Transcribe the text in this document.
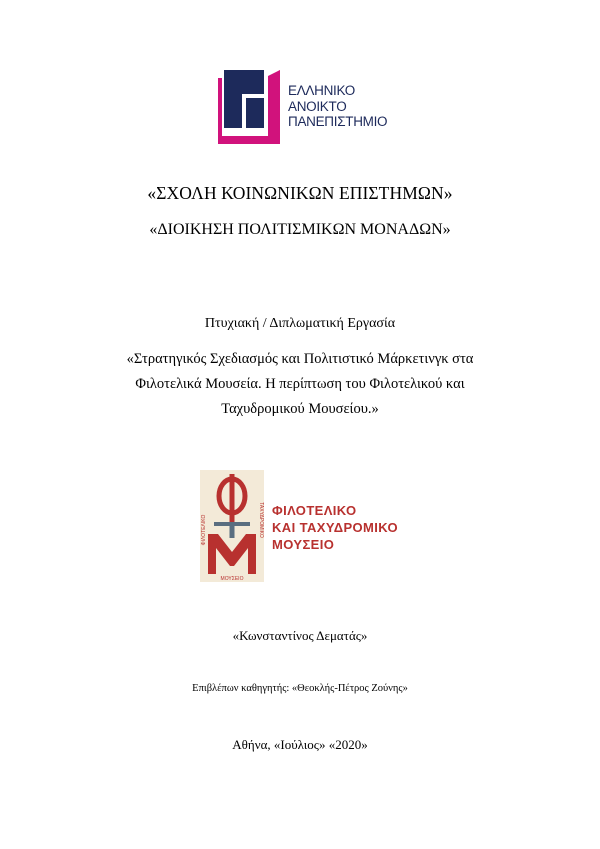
ΕΛΛΗΝΙΚΟ
ΑΝΟΙΚΤΟ
ΠΑΝΕΠΙΣΤΗΜΙΟ
«ΣΧΟΛΗ ΚΟΙΝΩΝΙΚΩΝ ΕΠΙΣΤΗΜΩΝ»
«ΔΙΟΙΚΗΣΗ ΠΟΛΙΤΙΣΜΙΚΩΝ ΜΟΝΑΔΩΝ»
Πτυχιακή / Διπλωματική Εργασία
«Στρατηγικός Σχεδιασμός και Πολιτιστικό Μάρκετινγκ στα
Φιλοτελικά Μουσεία. Η περίπτωση του Φιλοτελικού και
Ταχυδρομικού Μουσείου.»
ΦΙΛΟΤΕΛΙΚΟ	ΤΑΧΥΔΡΟΜΙΚΟ
ΜΟΥΣΕΙΟ
ΦΙΛΟΤΕΛΙΚΟ
ΚΑΙ ΤΑΧΥΔΡΟΜΙΚΟ
ΜΟΥΣΕΙΟ
«Κωνσταντίνος Δεματάς»
Επιβλέπων καθηγητής: «Θεοκλής-Πέτρος Ζούνης»
Αθήνα, «Ιούλιος» «2020»
